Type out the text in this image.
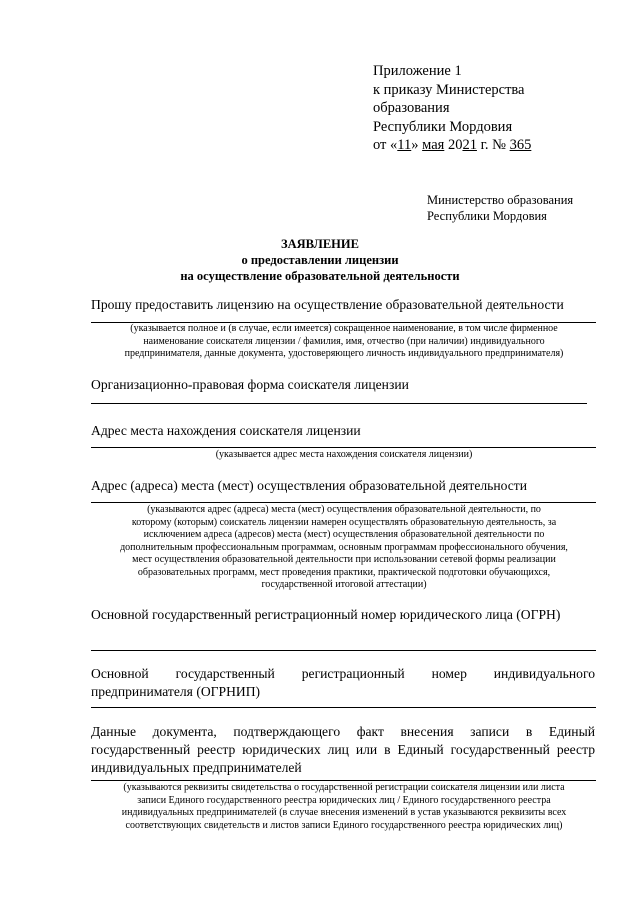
Приложение 1
к приказу Министерства
образования
Республики Мордовия
от «11» мая 2021 г. № 365
Министерство образования
Республики Мордовия
ЗАЯВЛЕНИЕ
о предоставлении лицензии
на осуществление образовательной деятельности
Прошу предоставить лицензию на осуществление образовательной деятельности
(указывается полное и (в случае, если имеется) сокращенное наименование, в том числе фирменное
наименование соискателя лицензии / фамилия, имя, отчество (при наличии) индивидуального
предпринимателя, данные документа, удостоверяющего личность индивидуального предпринимателя)
Организационно-правовая форма соискателя лицензии
Адрес места нахождения соискателя лицензии
(указывается адрес места нахождения соискателя лицензии)
Адрес (адреса) места (мест) осуществления образовательной деятельности
(указываются адрес (адреса) места (мест) осуществления образовательной деятельности, по
которому (которым) соискатель лицензии намерен осуществлять образовательную деятельность, за
исключением адреса (адресов) места (мест) осуществления образовательной деятельности по
дополнительным профессиональным программам, основным программам профессионального обучения,
мест осуществления образовательной деятельности при использовании сетевой формы реализации
образовательных программ, мест проведения практики, практической подготовки обучающихся,
государственной итоговой аттестации)
Основной государственный регистрационный номер юридического лица (ОГРН)
Основной государственный регистрационный номер индивидуального предпринимателя (ОГРНИП)
Данные документа, подтверждающего факт внесения записи в Единый государственный реестр юридических лиц или в Единый государственный реестр индивидуальных предпринимателей
(указываются реквизиты свидетельства о государственной регистрации соискателя лицензии или листа
записи Единого государственного реестра юридических лиц / Единого государственного реестра
индивидуальных предпринимателей (в случае внесения изменений в устав указываются реквизиты всех
соответствующих свидетельств и листов записи Единого государственного реестра юридических лиц)
